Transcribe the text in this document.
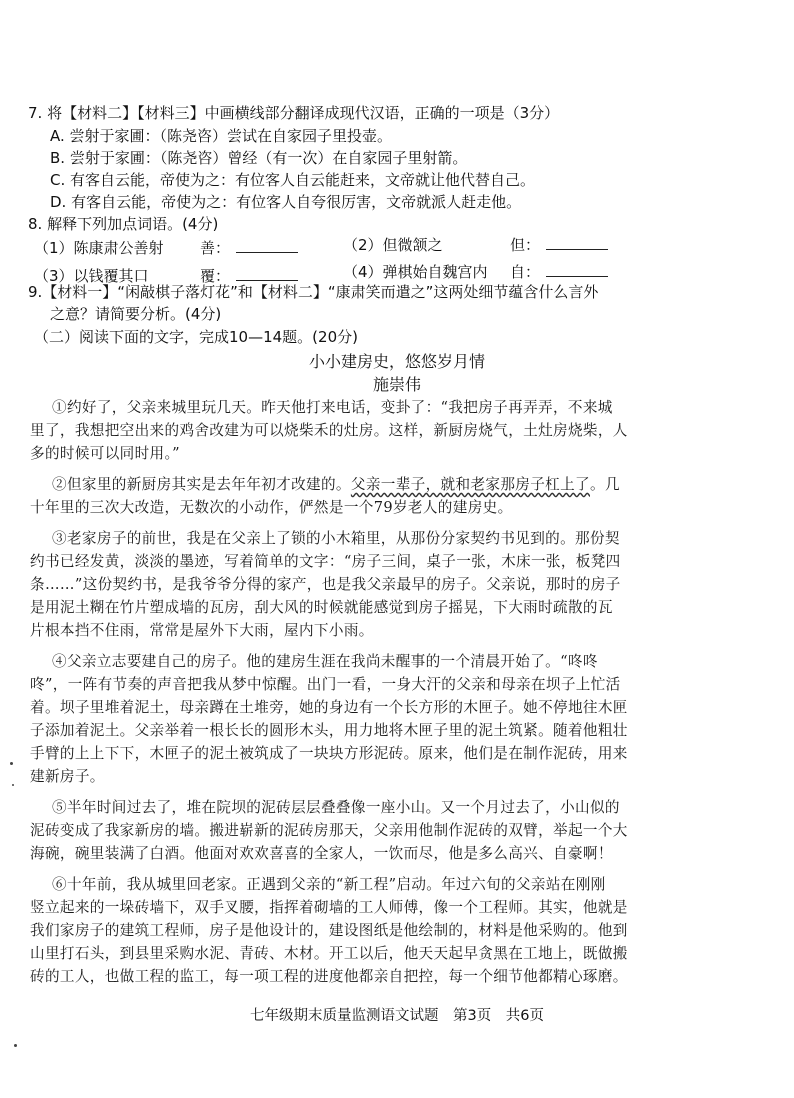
7. 将【材料二】【材料三】中画横线部分翻译成现代汉语，正确的一项是（3分）
A. 尝射于家圃：（陈尧咨）尝试在自家园子里投壶。
B. 尝射于家圃：（陈尧咨）曾经（有一次）在自家园子里射箭。
C. 有客自云能，帝使为之：有位客人自云能赶来，文帝就让他代替自己。
D. 有客自云能，帝使为之：有位客人自夸很厉害，文帝就派人赶走他。
8. 解释下列加点词语。(4分)
（1）陈康肃公善射 善：	（2）但微颔之	但：
（3）以钱覆其口	覆：	（4）弹棋始自魏宫内 自：
9.【材料一】“闲敲棋子落灯花”和【材料二】“康肃笑而遣之”这两处细节蕴含什么言外
之意？请简要分析。(4分)
（二）阅读下面的文字，完成10—14题。(20分)
小小建房史，悠悠岁月情
施崇伟
①约好了，父亲来城里玩几天。昨天他打来电话，变卦了：“我把房子再弄弄，不来城
里了，我想把空出来的鸡舍改建为可以烧柴禾的灶房。这样，新厨房烧气，土灶房烧柴，人
多的时候可以同时用。”
②但家里的新厨房其实是去年年初才改建的。父亲一辈子，就和老家那房子杠上了。几
十年里的三次大改造，无数次的小动作，俨然是一个79岁老人的建房史。
③老家房子的前世，我是在父亲上了锁的小木箱里，从那份分家契约书见到的。那份契
约书已经发黄，淡淡的墨迹，写着简单的文字：“房子三间，桌子一张，木床一张，板凳四
条……”这份契约书，是我爷爷分得的家产，也是我父亲最早的房子。父亲说，那时的房子
是用泥土糊在竹片塑成墙的瓦房，刮大风的时候就能感觉到房子摇晃，下大雨时疏散的瓦
片根本挡不住雨，常常是屋外下大雨，屋内下小雨。
④父亲立志要建自己的房子。他的建房生涯在我尚未醒事的一个清晨开始了。“咚咚
咚”，一阵有节奏的声音把我从梦中惊醒。出门一看，一身大汗的父亲和母亲在坝子上忙活
着。坝子里堆着泥土，母亲蹲在土堆旁，她的身边有一个长方形的木匣子。她不停地往木匣
子添加着泥土。父亲举着一根长长的圆形木头，用力地将木匣子里的泥土筑紧。随着他粗壮
手臂的上上下下，木匣子的泥土被筑成了一块块方形泥砖。原来，他们是在制作泥砖，用来
建新房子。
⑤半年时间过去了，堆在院坝的泥砖层层叠叠像一座小山。又一个月过去了，小山似的
泥砖变成了我家新房的墙。搬进崭新的泥砖房那天，父亲用他制作泥砖的双臂，举起一个大
海碗，碗里装满了白酒。他面对欢欢喜喜的全家人，一饮而尽，他是多么高兴、自豪啊！
⑥十年前，我从城里回老家。正遇到父亲的“新工程”启动。年过六旬的父亲站在刚刚
竖立起来的一垛砖墙下，双手叉腰，指挥着砌墙的工人师傅，像一个工程师。其实，他就是
我们家房子的建筑工程师，房子是他设计的，建设图纸是他绘制的，材料是他采购的。他到
山里打石头，到县里采购水泥、青砖、木材。开工以后，他天天起早贪黑在工地上，既做搬
砖的工人，也做工程的监工，每一项工程的进度他都亲自把控，每一个细节他都精心琢磨。
七年级期末质量监测语文试题　第3页　共6页
